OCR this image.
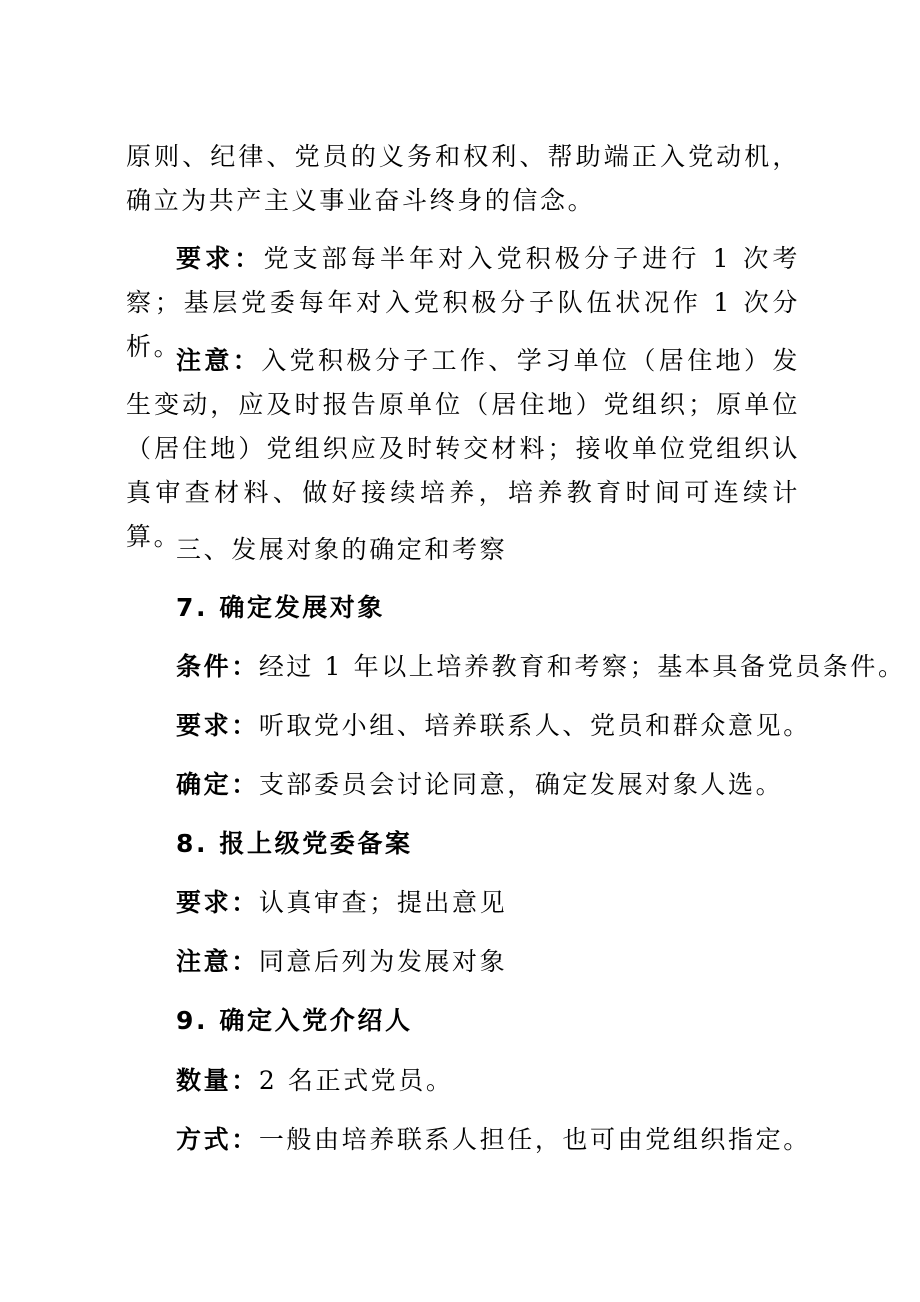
原则、纪律、党员的义务和权利、帮助端正入党动机，确立为共产主义事业奋斗终身的信念。

要求：党支部每半年对入党积极分子进行 1 次考察；基层党委每年对入党积极分子队伍状况作 1 次分析。

注意：入党积极分子工作、学习单位（居住地）发生变动，应及时报告原单位（居住地）党组织；原单位（居住地）党组织应及时转交材料；接收单位党组织认真审查材料、做好接续培养，培养教育时间可连续计算。

三、发展对象的确定和考察

7. 确定发展对象

条件：经过 1 年以上培养教育和考察；基本具备党员条件。

要求：听取党小组、培养联系人、党员和群众意见。

确定：支部委员会讨论同意，确定发展对象人选。

8. 报上级党委备案

要求：认真审查；提出意见

注意：同意后列为发展对象

9. 确定入党介绍人

数量：2 名正式党员。

方式：一般由培养联系人担任，也可由党组织指定。
